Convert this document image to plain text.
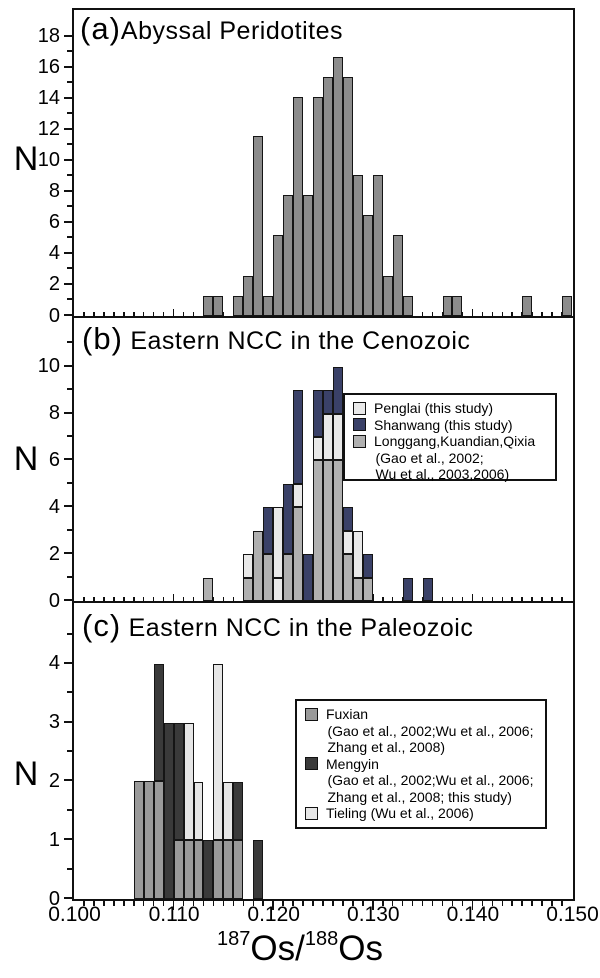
(a)Abyssal Peridotites
(b) Eastern NCC in the Cenozoic
(c) Eastern NCC in the Paleozoic
N
N
N
$^{187}$Os/$^{188}$Os
0
2
4
6
8
10
12
14
16
18
0
2
4
6
8
10
Penglai (this study)
Shanwang (this study)
Longgang,Kuandian,Qixia
(Gao et al., 2002;
Wu et al., 2003,2006)
0
1
2
3
4
Fuxian
(Gao et al., 2002;Wu et al., 2006;
Zhang et al., 2008)
Mengyin
(Gao et al., 2002;Wu et al., 2006;
Zhang et al., 2008; this study)
Tieling (Wu et al., 2006)
0.100	0.110	0.120	0.130	0.140	0.150
